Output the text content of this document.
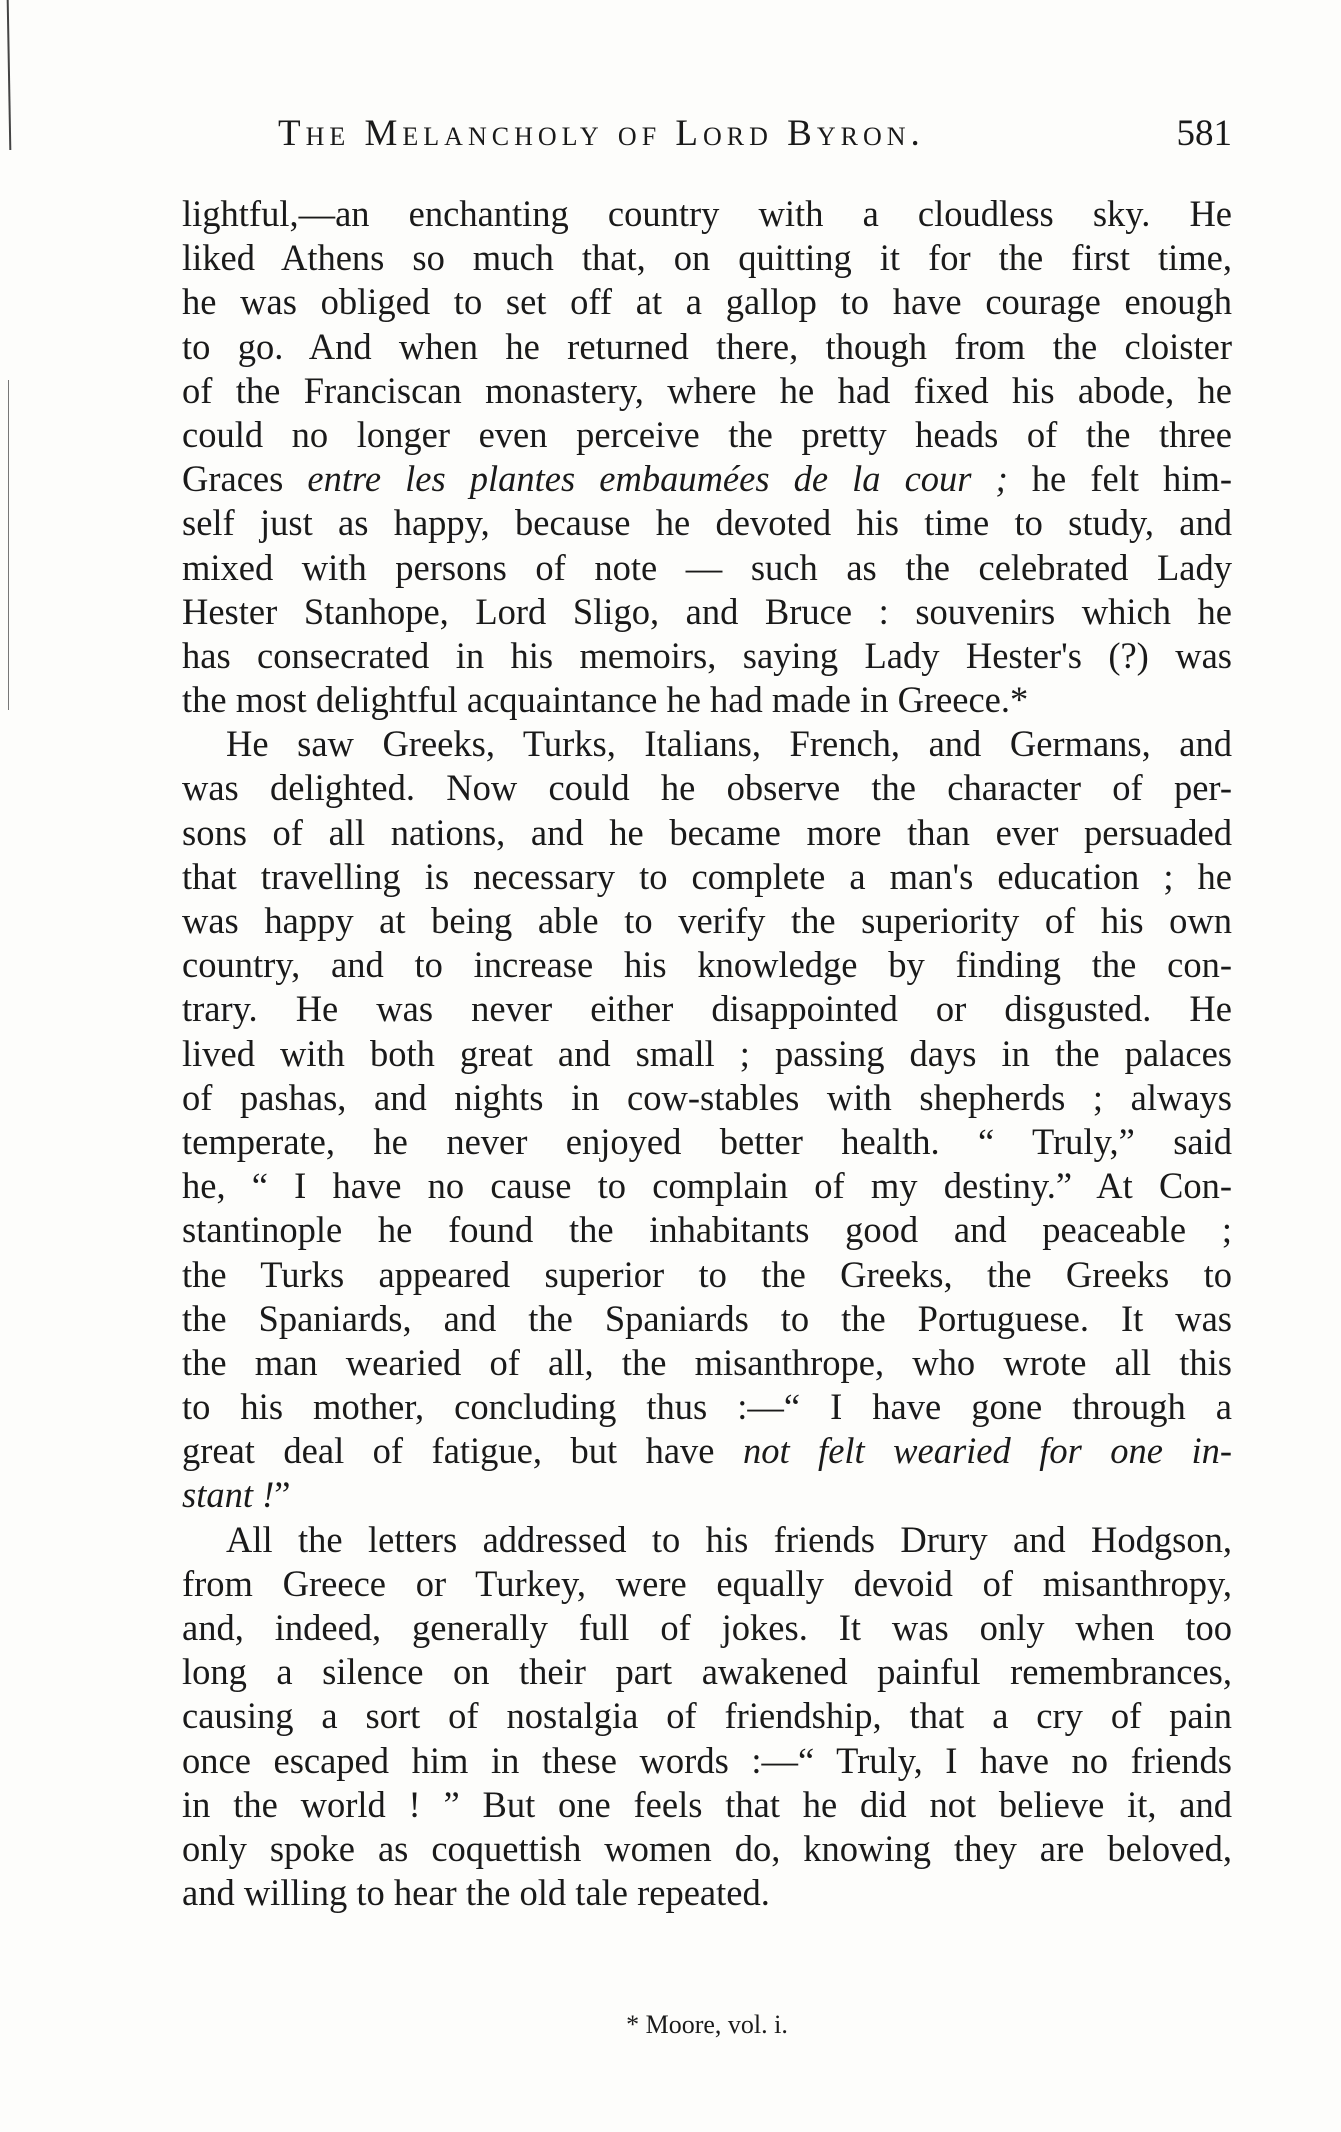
The Melancholy of Lord Byron.	581
lightful,—an enchanting country with a cloudless sky. He
liked Athens so much that, on quitting it for the first time,
he was obliged to set off at a gallop to have courage enough
to go. And when he returned there, though from the cloister
of the Franciscan monastery, where he had fixed his abode, he
could no longer even perceive the pretty heads of the three
Graces entre les plantes embaumées de la cour ; he felt him-
self just as happy, because he devoted his time to study, and
mixed with persons of note — such as the celebrated Lady
Hester Stanhope, Lord Sligo, and Bruce : souvenirs which he
has consecrated in his memoirs, saying Lady Hester's (?) was
the most delightful acquaintance he had made in Greece.*
He saw Greeks, Turks, Italians, French, and Germans, and
was delighted. Now could he observe the character of per-
sons of all nations, and he became more than ever persuaded
that travelling is necessary to complete a man's education ; he
was happy at being able to verify the superiority of his own
country, and to increase his knowledge by finding the con-
trary. He was never either disappointed or disgusted. He
lived with both great and small ; passing days in the palaces
of pashas, and nights in cow-stables with shepherds ; always
temperate, he never enjoyed better health. “ Truly,” said
he, “ I have no cause to complain of my destiny.” At Con-
stantinople he found the inhabitants good and peaceable ;
the Turks appeared superior to the Greeks, the Greeks to
the Spaniards, and the Spaniards to the Portuguese. It was
the man wearied of all, the misanthrope, who wrote all this
to his mother, concluding thus :—“ I have gone through a
great deal of fatigue, but have not felt wearied for one in-
stant !”
All the letters addressed to his friends Drury and Hodgson,
from Greece or Turkey, were equally devoid of misanthropy,
and, indeed, generally full of jokes. It was only when too
long a silence on their part awakened painful remembrances,
causing a sort of nostalgia of friendship, that a cry of pain
once escaped him in these words :—“ Truly, I have no friends
in the world ! ” But one feels that he did not believe it, and
only spoke as coquettish women do, knowing they are beloved,
and willing to hear the old tale repeated.
* Moore, vol. i.
